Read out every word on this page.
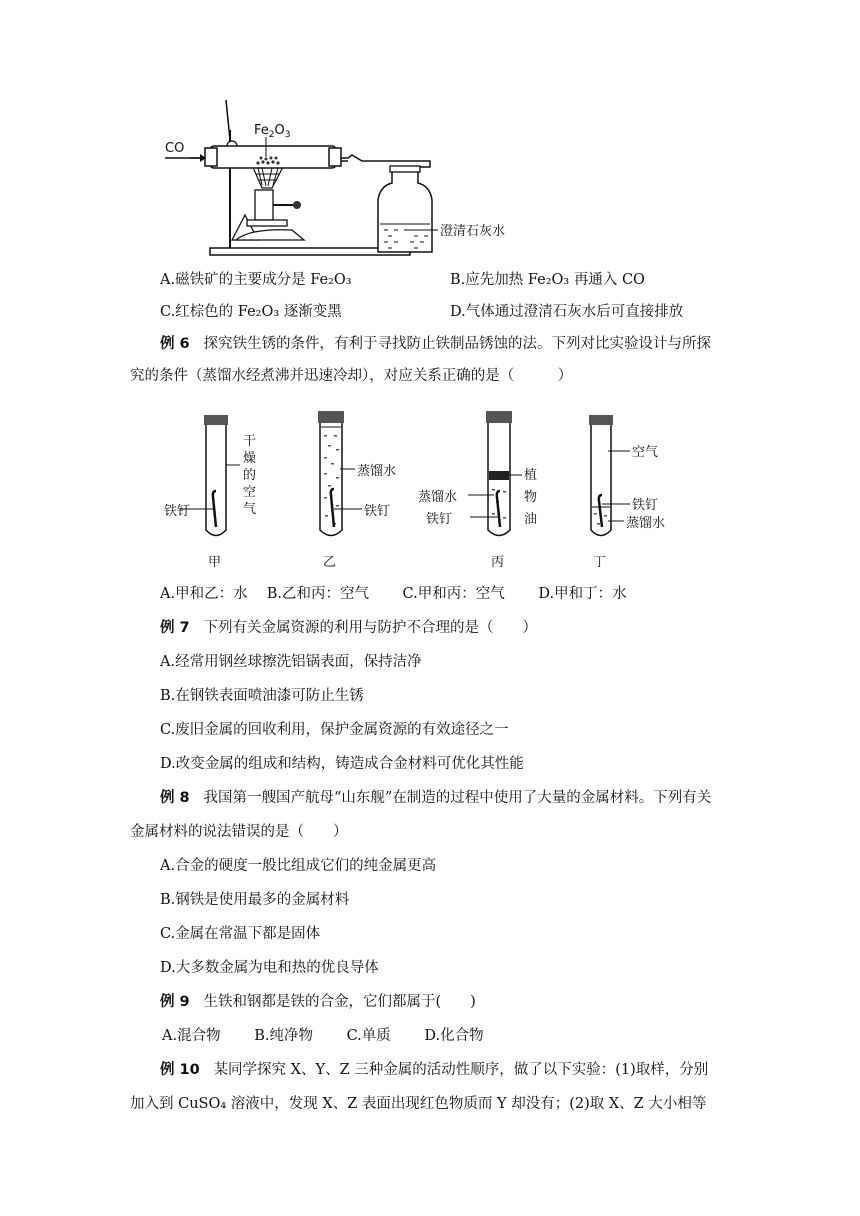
CO
$Fe_2O_3$
澄清石灰水
A.磁铁矿的主要成分是 Fe₂O₃	B.应先加热 Fe₂O₃ 再通入 CO
C.红棕色的 Fe₂O₃ 逐渐变黑	D.气体通过澄清石灰水后可直接排放
例 6 探究铁生锈的条件，有利于寻找防止铁制品锈蚀的法。下列对比实验设计与所探
究的条件（蒸馏水经煮沸并迅速冷却），对应关系正确的是（　　　）
铁钉
干
燥
的
空
气
蒸馏水
铁钉
蒸馏水
铁钉
植
物
油
空气
铁钉
蒸馏水
甲	乙	丙	丁
A.甲和乙：水　 B.乙和丙：空气　　 C.甲和丙：空气　　 D.甲和丁：水
例 7 下列有关金属资源的利用与防护不合理的是（　　）
A.经常用钢丝球擦洗铝锅表面，保持洁净
B.在钢铁表面喷油漆可防止生锈
C.废旧金属的回收利用，保护金属资源的有效途径之一
D.改变金属的组成和结构，铸造成合金材料可优化其性能
例 8 我国第一艘国产航母“山东舰”在制造的过程中使用了大量的金属材料。下列有关
金属材料的说法错误的是（　　）
A.合金的硬度一般比组成它们的纯金属更高
B.钢铁是使用最多的金属材料
C.金属在常温下都是固体
D.大多数金属为电和热的优良导体
例 9 生铁和钢都是铁的合金，它们都属于(　　)
A.混合物　　 B.纯净物　　 C.单质　　 D.化合物
例 10 某同学探究 X、Y、Z 三种金属的活动性顺序，做了以下实验：(1)取样，分别
加入到 CuSO₄ 溶液中，发现 X、Z 表面出现红色物质而 Y 却没有；(2)取 X、Z 大小相等
